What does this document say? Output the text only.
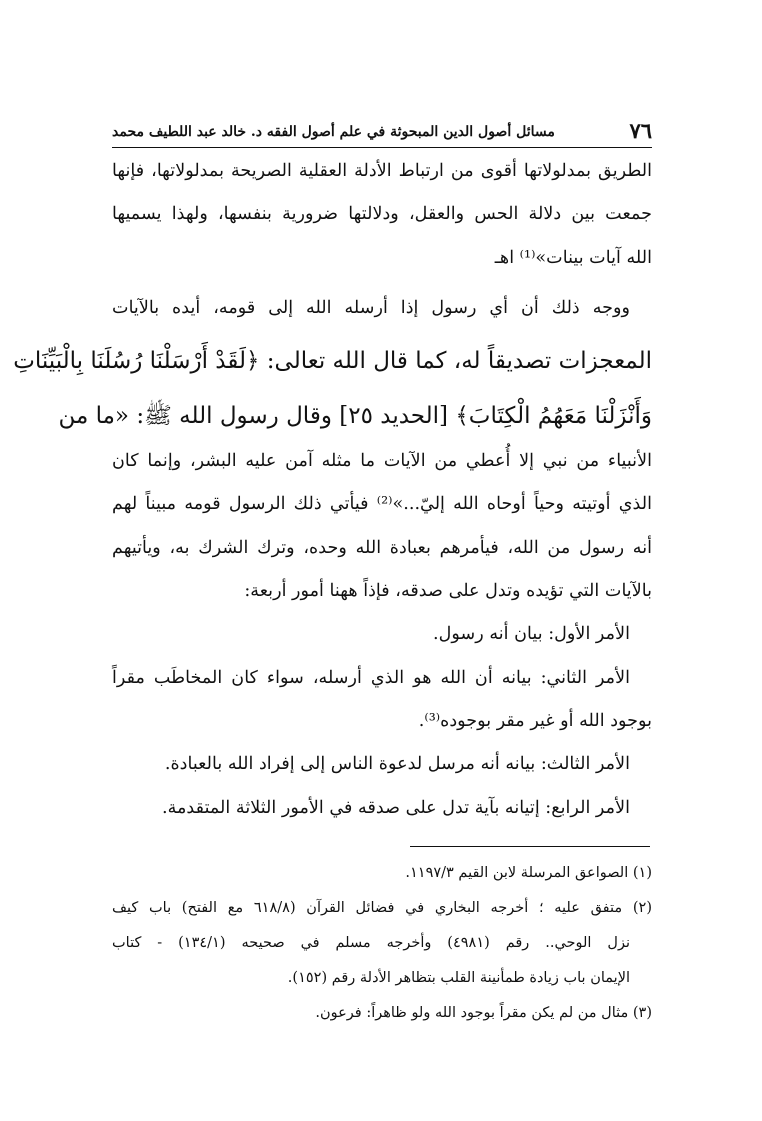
٧٦
مسائل أصول الدين المبحوثة في علم أصول الفقه د. خالد عبد اللطيف محمد
الطريق بمدلولاتها أقوى من ارتباط الأدلة العقلية الصريحة بمدلولاتها، فإنها
جمعت بين دلالة الحس والعقل، ودلالتها ضرورية بنفسها، ولهذا يسميها
الله آيات بينات»⁽¹⁾ اهـ
ووجه ذلك أن أي رسول إذا أرسله الله إلى قومه، أيده بالآيات
المعجزات تصديقاً له، كما قال الله تعالى: ﴿لَقَدْ أَرْسَلْنَا رُسُلَنَا بِالْبَيِّنَاتِ
وَأَنْزَلْنَا مَعَهُمُ الْكِتَابَ﴾ [الحديد ٢٥] وقال رسول الله ﷺ: «ما من
الأنبياء من نبي إلا أُعطي من الآيات ما مثله آمن عليه البشر، وإنما كان
الذي أوتيته وحياً أوحاه الله إليّ...»⁽²⁾ فيأتي ذلك الرسول قومه مبيناً لهم
أنه رسول من الله، فيأمرهم بعبادة الله وحده، وترك الشرك به، ويأتيهم
بالآيات التي تؤيده وتدل على صدقه، فإذاً ههنا أمور أربعة:
الأمر الأول: بيان أنه رسول.
الأمر الثاني: بيانه أن الله هو الذي أرسله، سواء كان المخاطَب مقراً
بوجود الله أو غير مقر بوجوده⁽³⁾.
الأمر الثالث: بيانه أنه مرسل لدعوة الناس إلى إفراد الله بالعبادة.
الأمر الرابع: إتيانه بآية تدل على صدقه في الأمور الثلاثة المتقدمة.
(١) الصواعق المرسلة لابن القيم ١١٩٧/٣.
(٢) متفق عليه ؛ أخرجه البخاري في فضائل القرآن (٦١٨/٨ مع الفتح) باب كيف
نزل الوحي.. رقم (٤٩٨١) وأخرجه مسلم في صحيحه (١٣٤/١) - كتاب
الإيمان باب زيادة طمأنينة القلب بتظاهر الأدلة رقم (١٥٢).
(٣) مثال من لم يكن مقراً بوجود الله ولو ظاهراً: فرعون.
